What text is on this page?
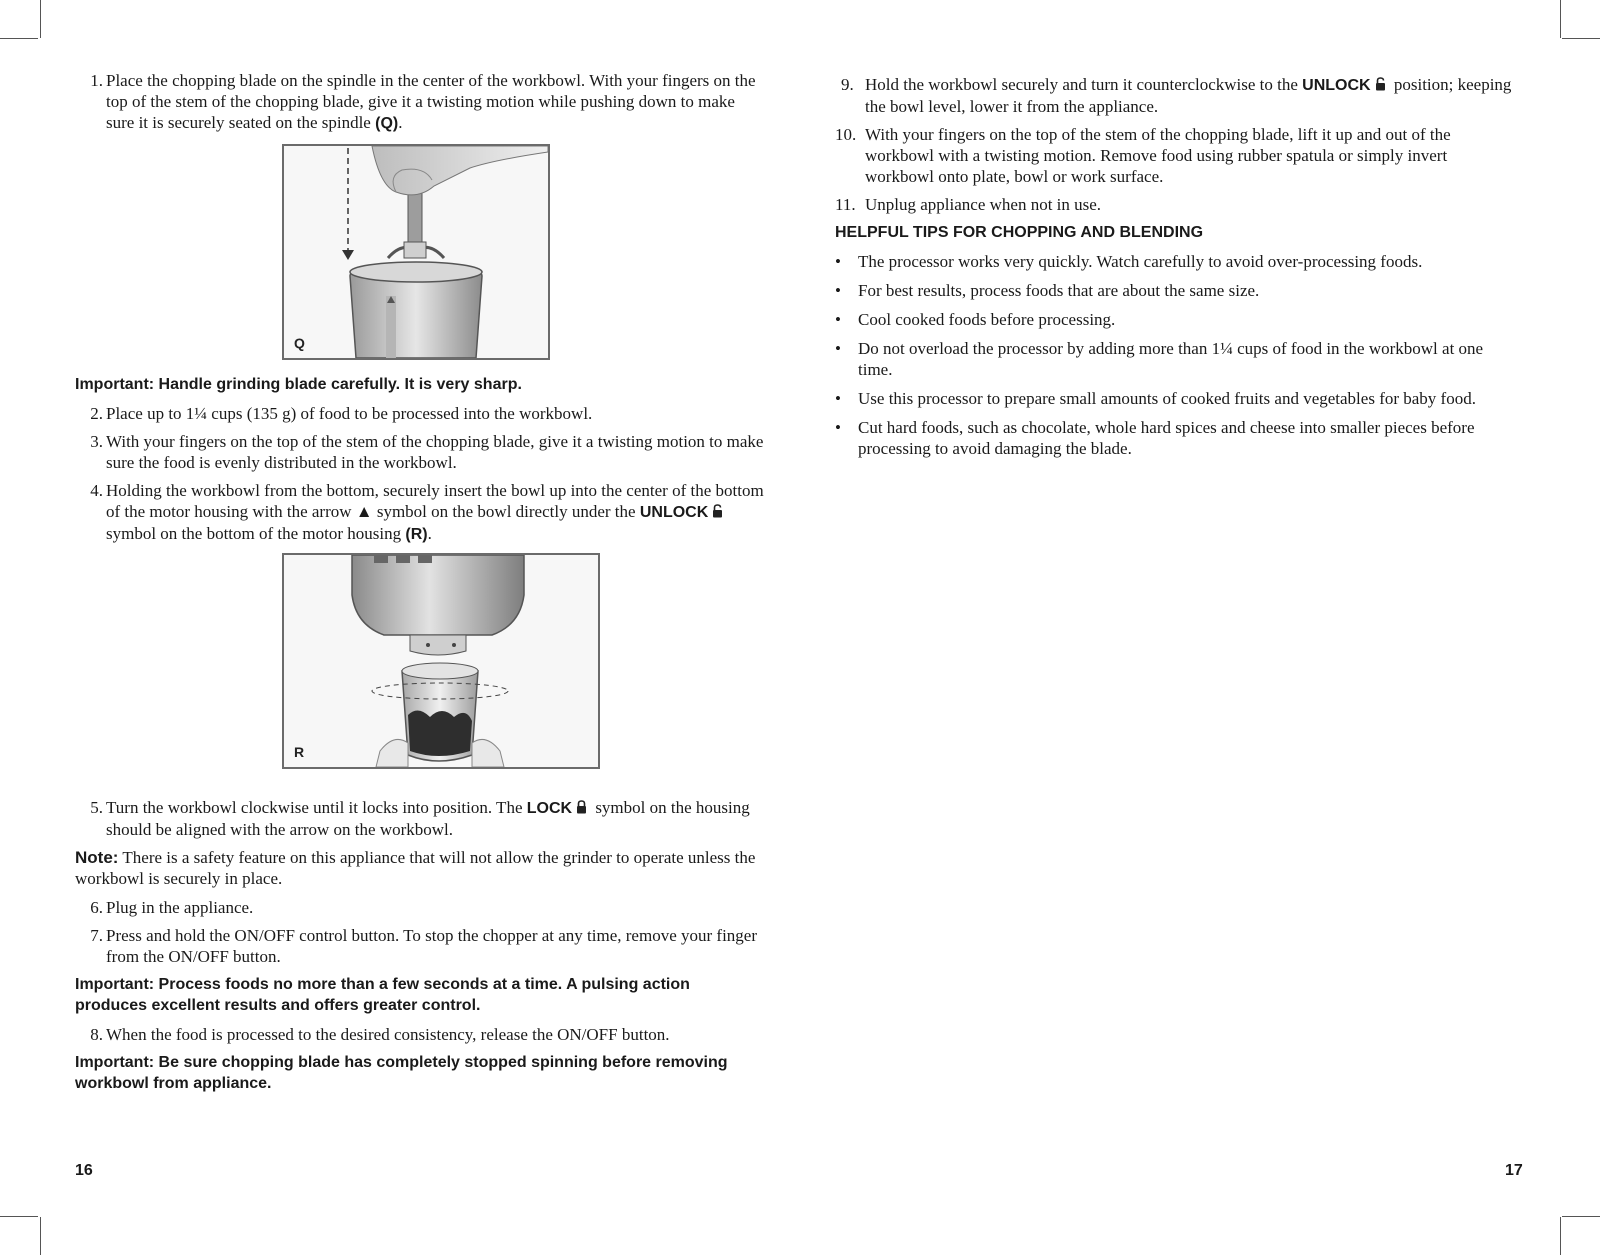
1. Place the chopping blade on the spindle in the center of the workbowl. With your fingers on the top of the stem of the chopping blade, give it a twisting motion while pushing down to make sure it is securely seated on the spindle (Q).
Q
Important: Handle grinding blade carefully. It is very sharp.
2. Place up to 1¼ cups (135 g) of food to be processed into the workbowl.
3. With your fingers on the top of the stem of the chopping blade, give it a twisting motion to make sure the food is evenly distributed in the workbowl.
4. Holding the workbowl from the bottom, securely insert the bowl up into the center of the bottom of the motor housing with the arrow ▲ symbol on the bowl directly under the UNLOCK symbol on the bottom of the motor housing (R).
R
5. Turn the workbowl clockwise until it locks into position. The LOCK symbol on the housing should be aligned with the arrow on the workbowl.
Note: There is a safety feature on this appliance that will not allow the grinder to operate unless the workbowl is securely in place.
6. Plug in the appliance.
7. Press and hold the ON/OFF control button. To stop the chopper at any time, remove your finger from the ON/OFF button.
Important: Process foods no more than a few seconds at a time. A pulsing action produces excellent results and offers greater control.
8. When the food is processed to the desired consistency, release the ON/OFF button.
Important: Be sure chopping blade has completely stopped spinning before removing workbowl from appliance.
16
9. Hold the workbowl securely and turn it counterclockwise to the UNLOCK position; keeping the bowl level, lower it from the appliance.
10. With your fingers on the top of the stem of the chopping blade, lift it up and out of the workbowl with a twisting motion. Remove food using rubber spatula or simply invert workbowl onto plate, bowl or work surface.
11. Unplug appliance when not in use.
HELPFUL TIPS FOR CHOPPING AND BLENDING
• The processor works very quickly. Watch carefully to avoid over-processing foods.
• For best results, process foods that are about the same size.
• Cool cooked foods before processing.
• Do not overload the processor by adding more than 1¼ cups of food in the workbowl at one time.
• Use this processor to prepare small amounts of cooked fruits and vegetables for baby food.
• Cut hard foods, such as chocolate, whole hard spices and cheese into smaller pieces before processing to avoid damaging the blade.
17
